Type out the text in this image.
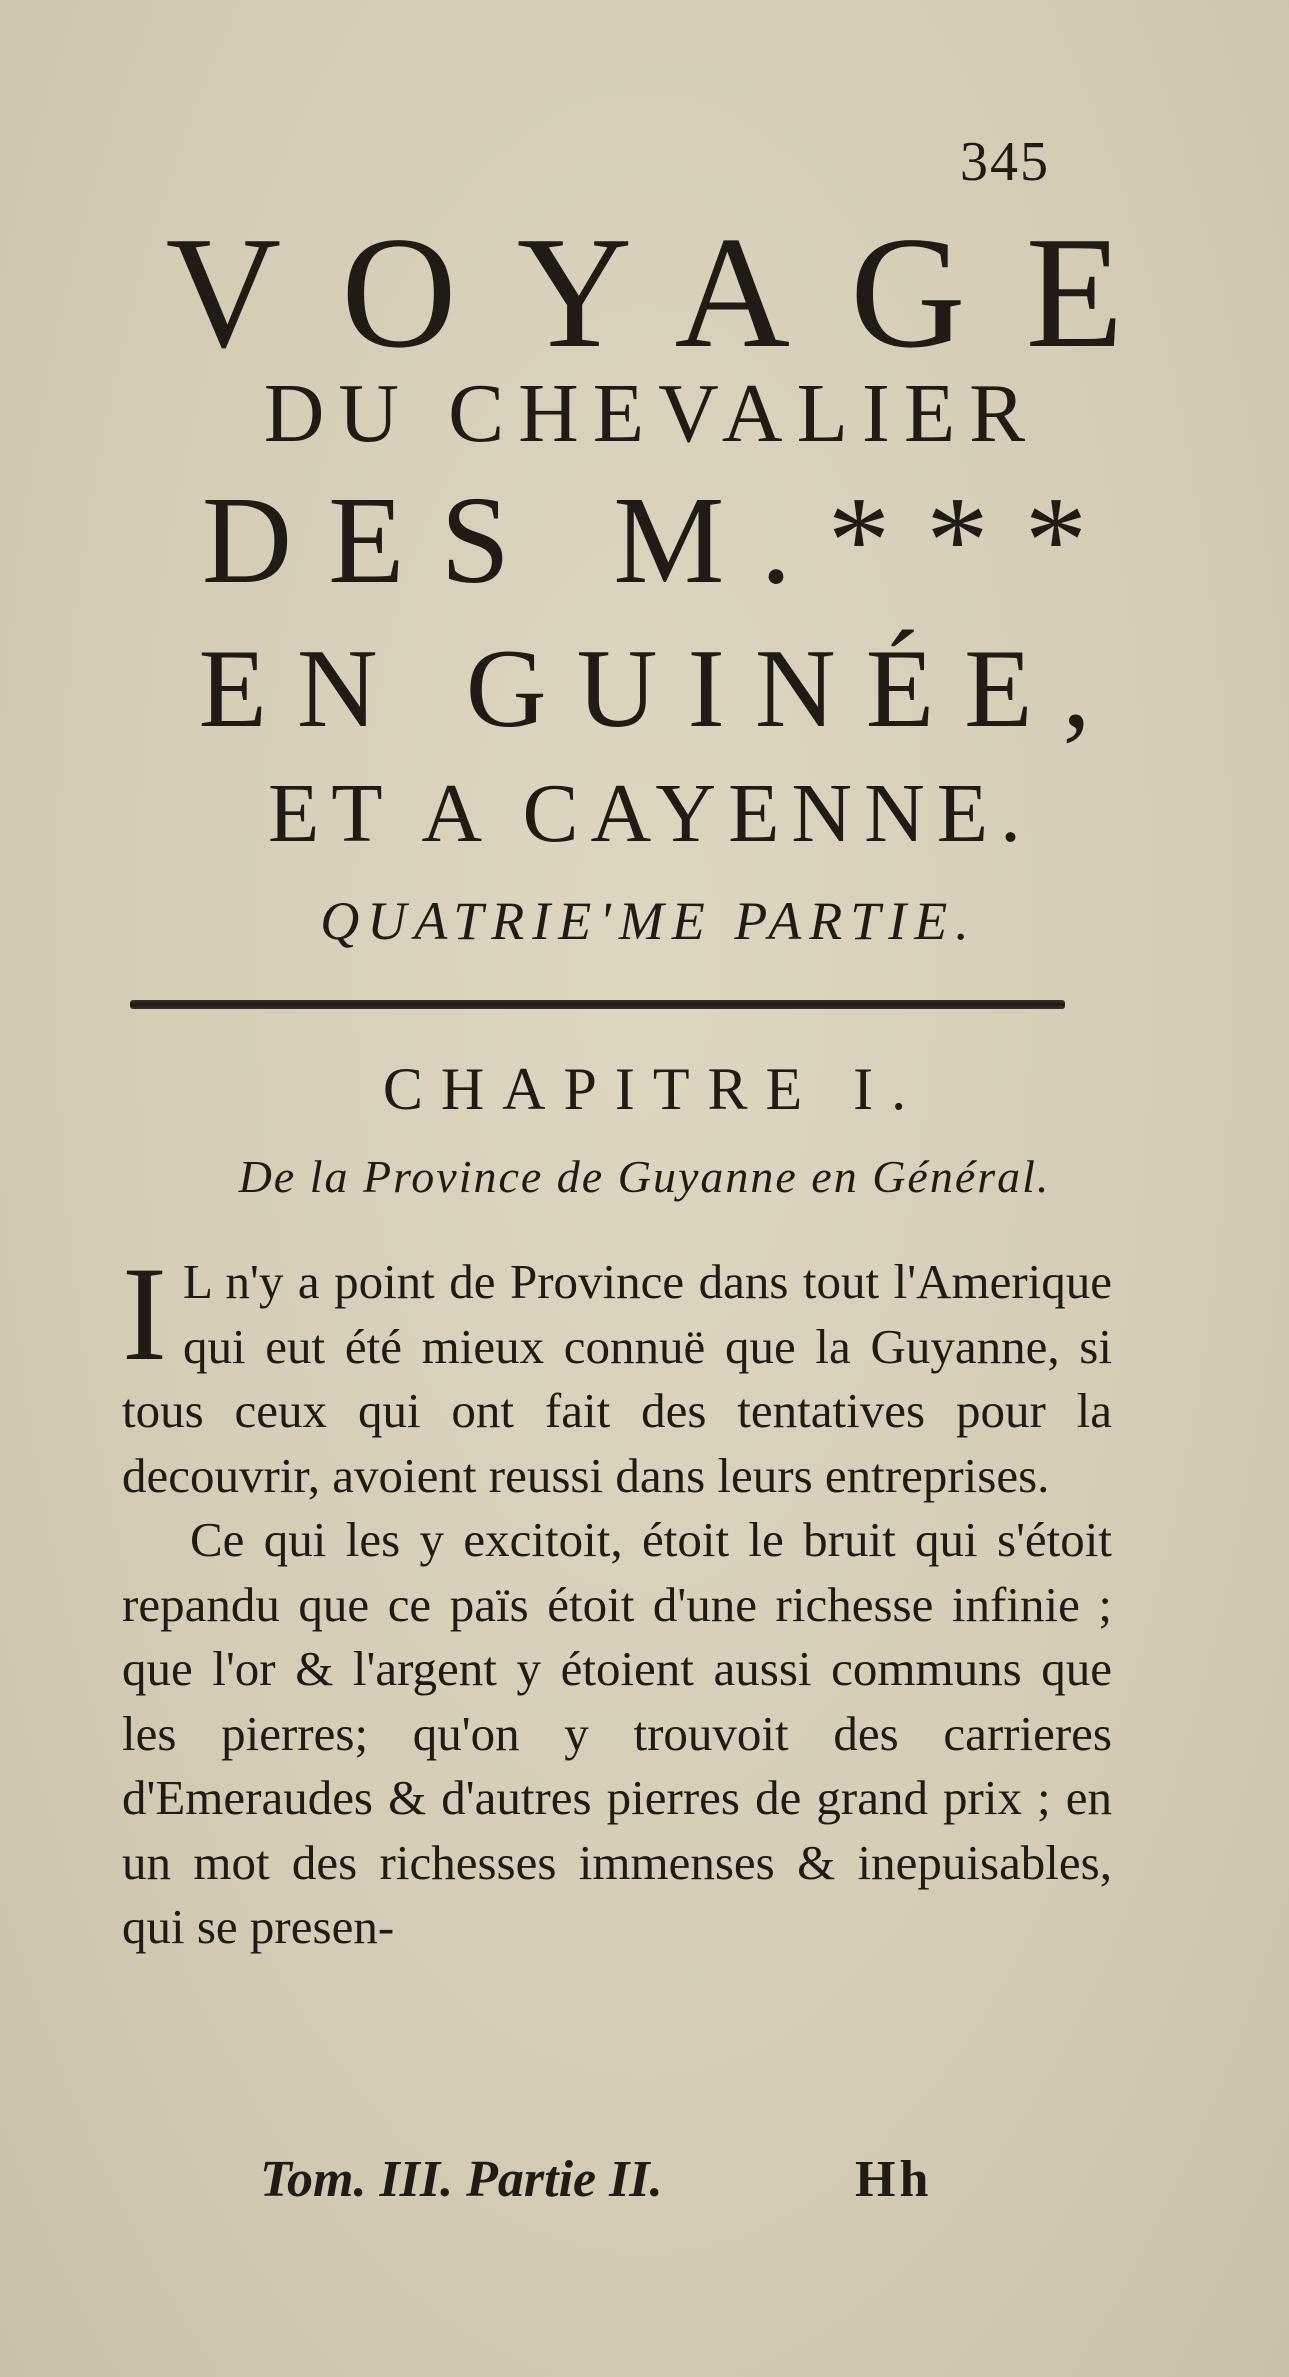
345
VOYAGE
DU CHEVALIER
DES M.***
EN GUINÉE,
ET A CAYENNE.
QUATRIE'ME PARTIE.
CHAPITRE I.
De la Province de Guyanne en Général.

I L n'y a point de Province dans tout l'Amerique qui eut été mieux connuë que la Guyanne, si tous ceux qui ont fait des tentatives pour la decouvrir, avoient reussi dans leurs entreprises.

Ce qui les y excitoit, étoit le bruit qui s'étoit repandu que ce païs étoit d'une richesse infinie ; que l'or & l'argent y étoient aussi communs que les pierres; qu'on y trouvoit des carrieres d'Emeraudes & d'autres pierres de grand prix ; en un mot des richesses immenses & inepuisables, qui se presen-

Tom. III. Partie II.	Hh
